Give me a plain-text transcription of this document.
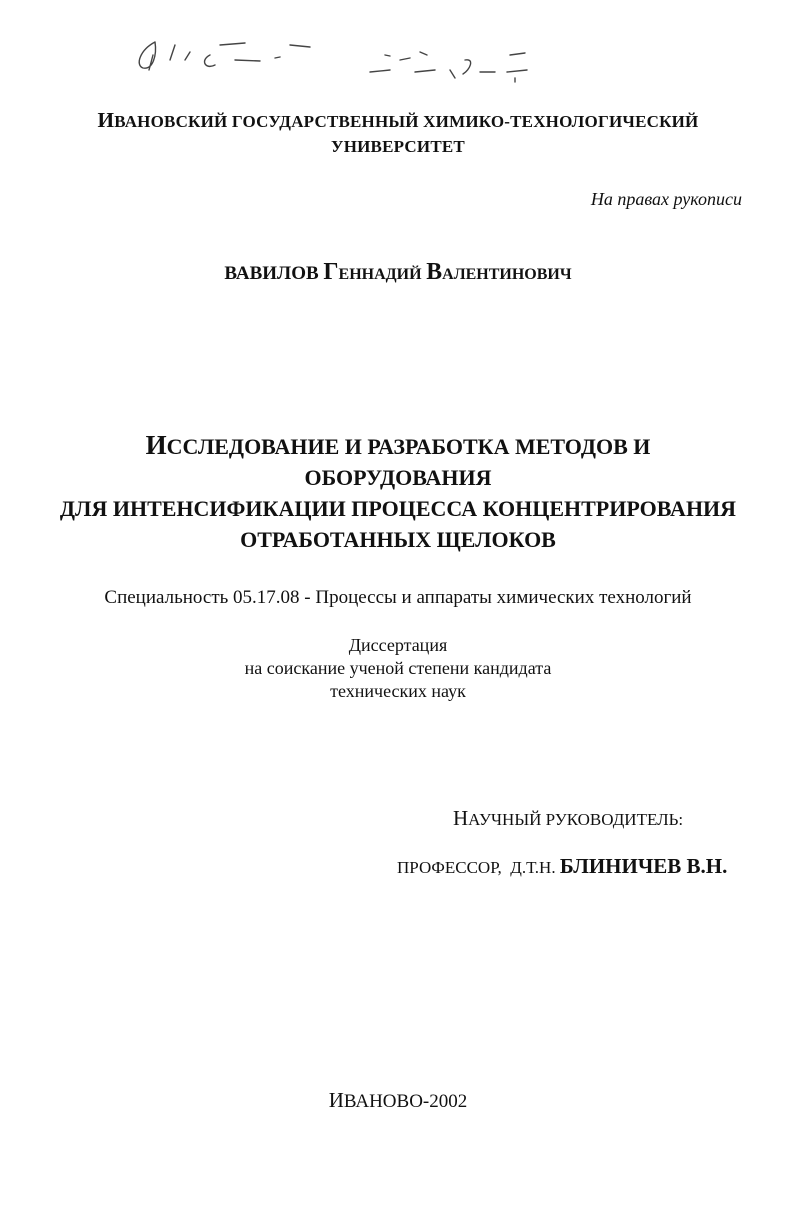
ИВАНОВСКИЙ ГОСУДАРСТВЕННЫЙ ХИМИКО-ТЕХНОЛОГИЧЕСКИЙ
УНИВЕРСИТЕТ
На правах рукописи
ВАВИЛОВ ГЕННАДИЙ ВАЛЕНТИНОВИЧ
ИССЛЕДОВАНИЕ И РАЗРАБОТКА МЕТОДОВ И
ОБОРУДОВАНИЯ
ДЛЯ ИНТЕНСИФИКАЦИИ ПРОЦЕССА КОНЦЕНТРИРОВАНИЯ
ОТРАБОТАННЫХ ЩЕЛОКОВ
Специальность 05.17.08 - Процессы и аппараты химических технологий
Диссертация
на соискание ученой степени кандидата
технических наук
НАУЧНЫЙ РУКОВОДИТЕЛЬ:
ПРОФЕССОР,  Д.Т.Н. БЛИНИЧЕВ В.Н.
ИВАНОВО-2002
